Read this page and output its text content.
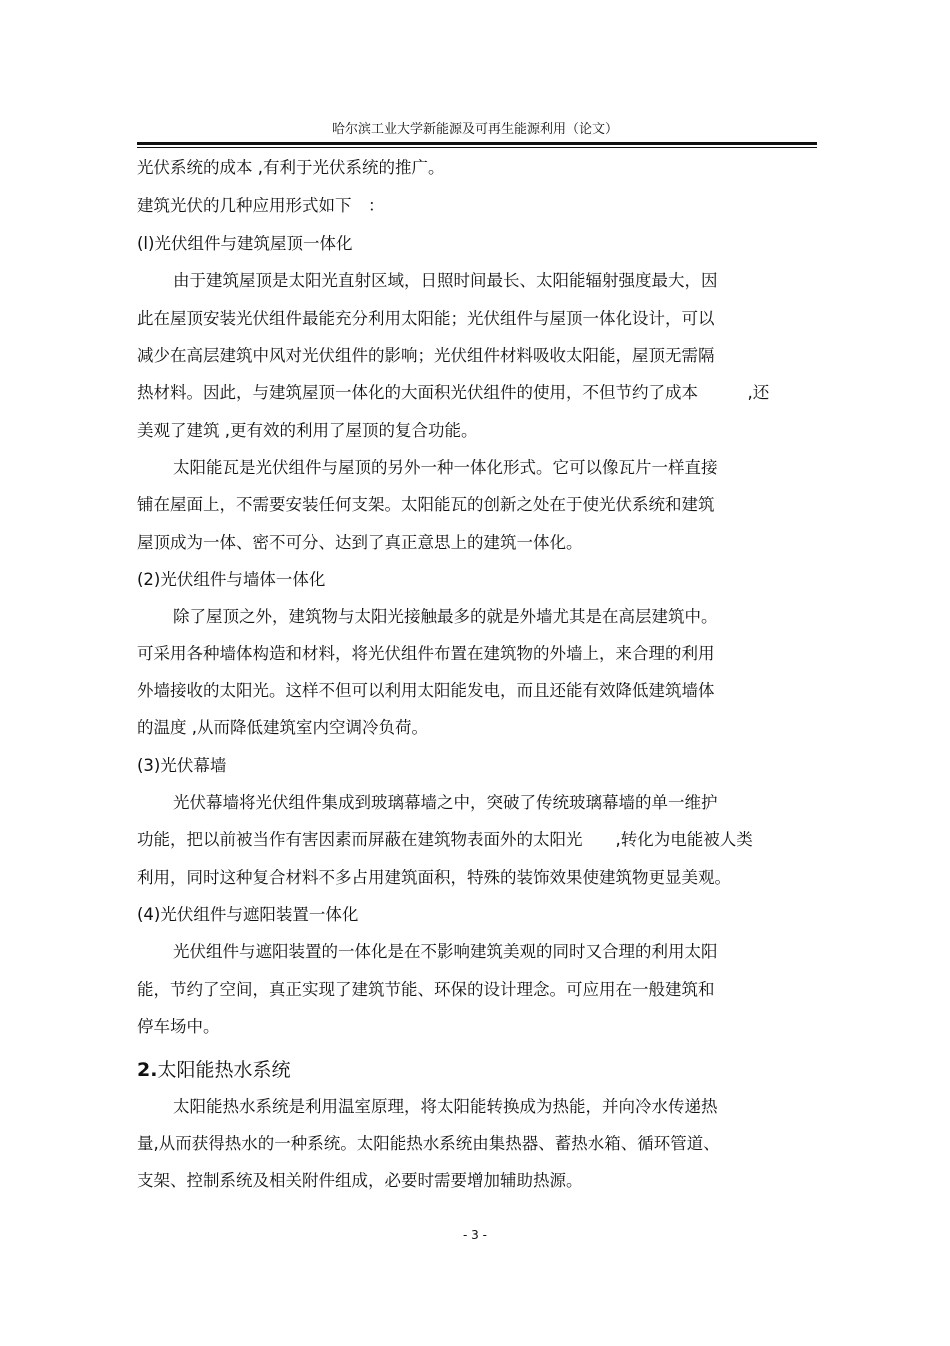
哈尔滨工业大学新能源及可再生能源利用（论文）
光伏系统的成本 ,有利于光伏系统的推广。
建筑光伏的几种应用形式如下　：
(l)光伏组件与建筑屋顶一体化
由于建筑屋顶是太阳光直射区域，日照时间最长、太阳能辐射强度最大，因
此在屋顶安装光伏组件最能充分利用太阳能；光伏组件与屋顶一体化设计，可以
减少在高层建筑中风对光伏组件的影响；光伏组件材料吸收太阳能，屋顶无需隔
热材料。因此，与建筑屋顶一体化的大面积光伏组件的使用，不但节约了成本　　　,还
美观了建筑 ,更有效的利用了屋顶的复合功能。
太阳能瓦是光伏组件与屋顶的另外一种一体化形式。它可以像瓦片一样直接
铺在屋面上，不需要安装任何支架。太阳能瓦的创新之处在于使光伏系统和建筑
屋顶成为一体、密不可分、达到了真正意思上的建筑一体化。
(2)光伏组件与墙体一体化
除了屋顶之外，建筑物与太阳光接触最多的就是外墙尤其是在高层建筑中。
可采用各种墙体构造和材料，将光伏组件布置在建筑物的外墙上，来合理的利用
外墙接收的太阳光。这样不但可以利用太阳能发电，而且还能有效降低建筑墙体
的温度 ,从而降低建筑室内空调冷负荷。
(3)光伏幕墙
光伏幕墙将光伏组件集成到玻璃幕墙之中，突破了传统玻璃幕墙的单一维护
功能，把以前被当作有害因素而屏蔽在建筑物表面外的太阳光　　,转化为电能被人类
利用，同时这种复合材料不多占用建筑面积，特殊的装饰效果使建筑物更显美观。
(4)光伏组件与遮阳装置一体化
光伏组件与遮阳装置的一体化是在不影响建筑美观的同时又合理的利用太阳
能，节约了空间，真正实现了建筑节能、环保的设计理念。可应用在一般建筑和
停车场中。
2.太阳能热水系统
太阳能热水系统是利用温室原理，将太阳能转换成为热能，并向冷水传递热
量,从而获得热水的一种系统。太阳能热水系统由集热器、蓄热水箱、循环管道、
支架、控制系统及相关附件组成，必要时需要增加辅助热源。
- 3 -
